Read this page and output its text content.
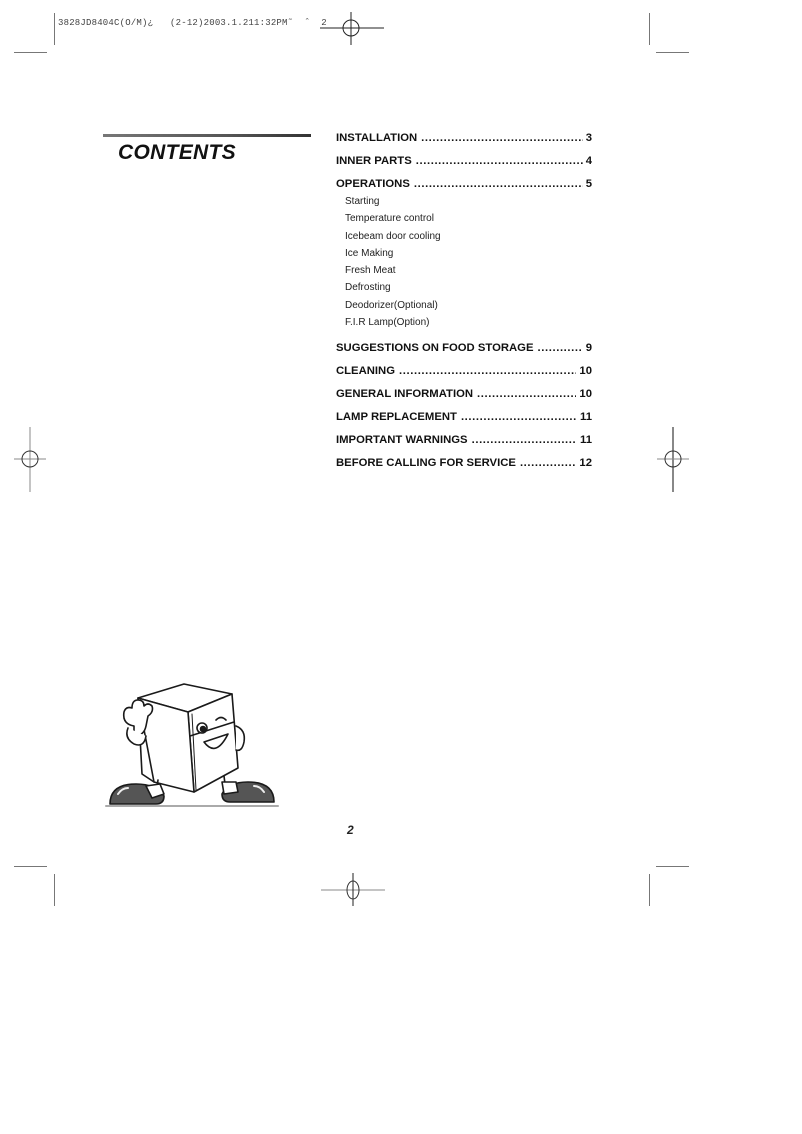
3828JD8404C(O/M)¿   (2-12)2003.1.211:32PM˜  ˆ  2
CONTENTS
INSTALLATION .....	3
INNER PARTS .....	4
OPERATIONS .....	5
Starting
Temperature control
Icebeam door cooling
Ice Making
Fresh Meat
Defrosting
Deodorizer(Optional)
F.I.R Lamp(Option)
SUGGESTIONS ON FOOD STORAGE .....	9
CLEANING .....	10
GENERAL INFORMATION .....	10
LAMP REPLACEMENT .....	11
IMPORTANT WARNINGS .....	11
BEFORE CALLING FOR SERVICE .....	12
2
